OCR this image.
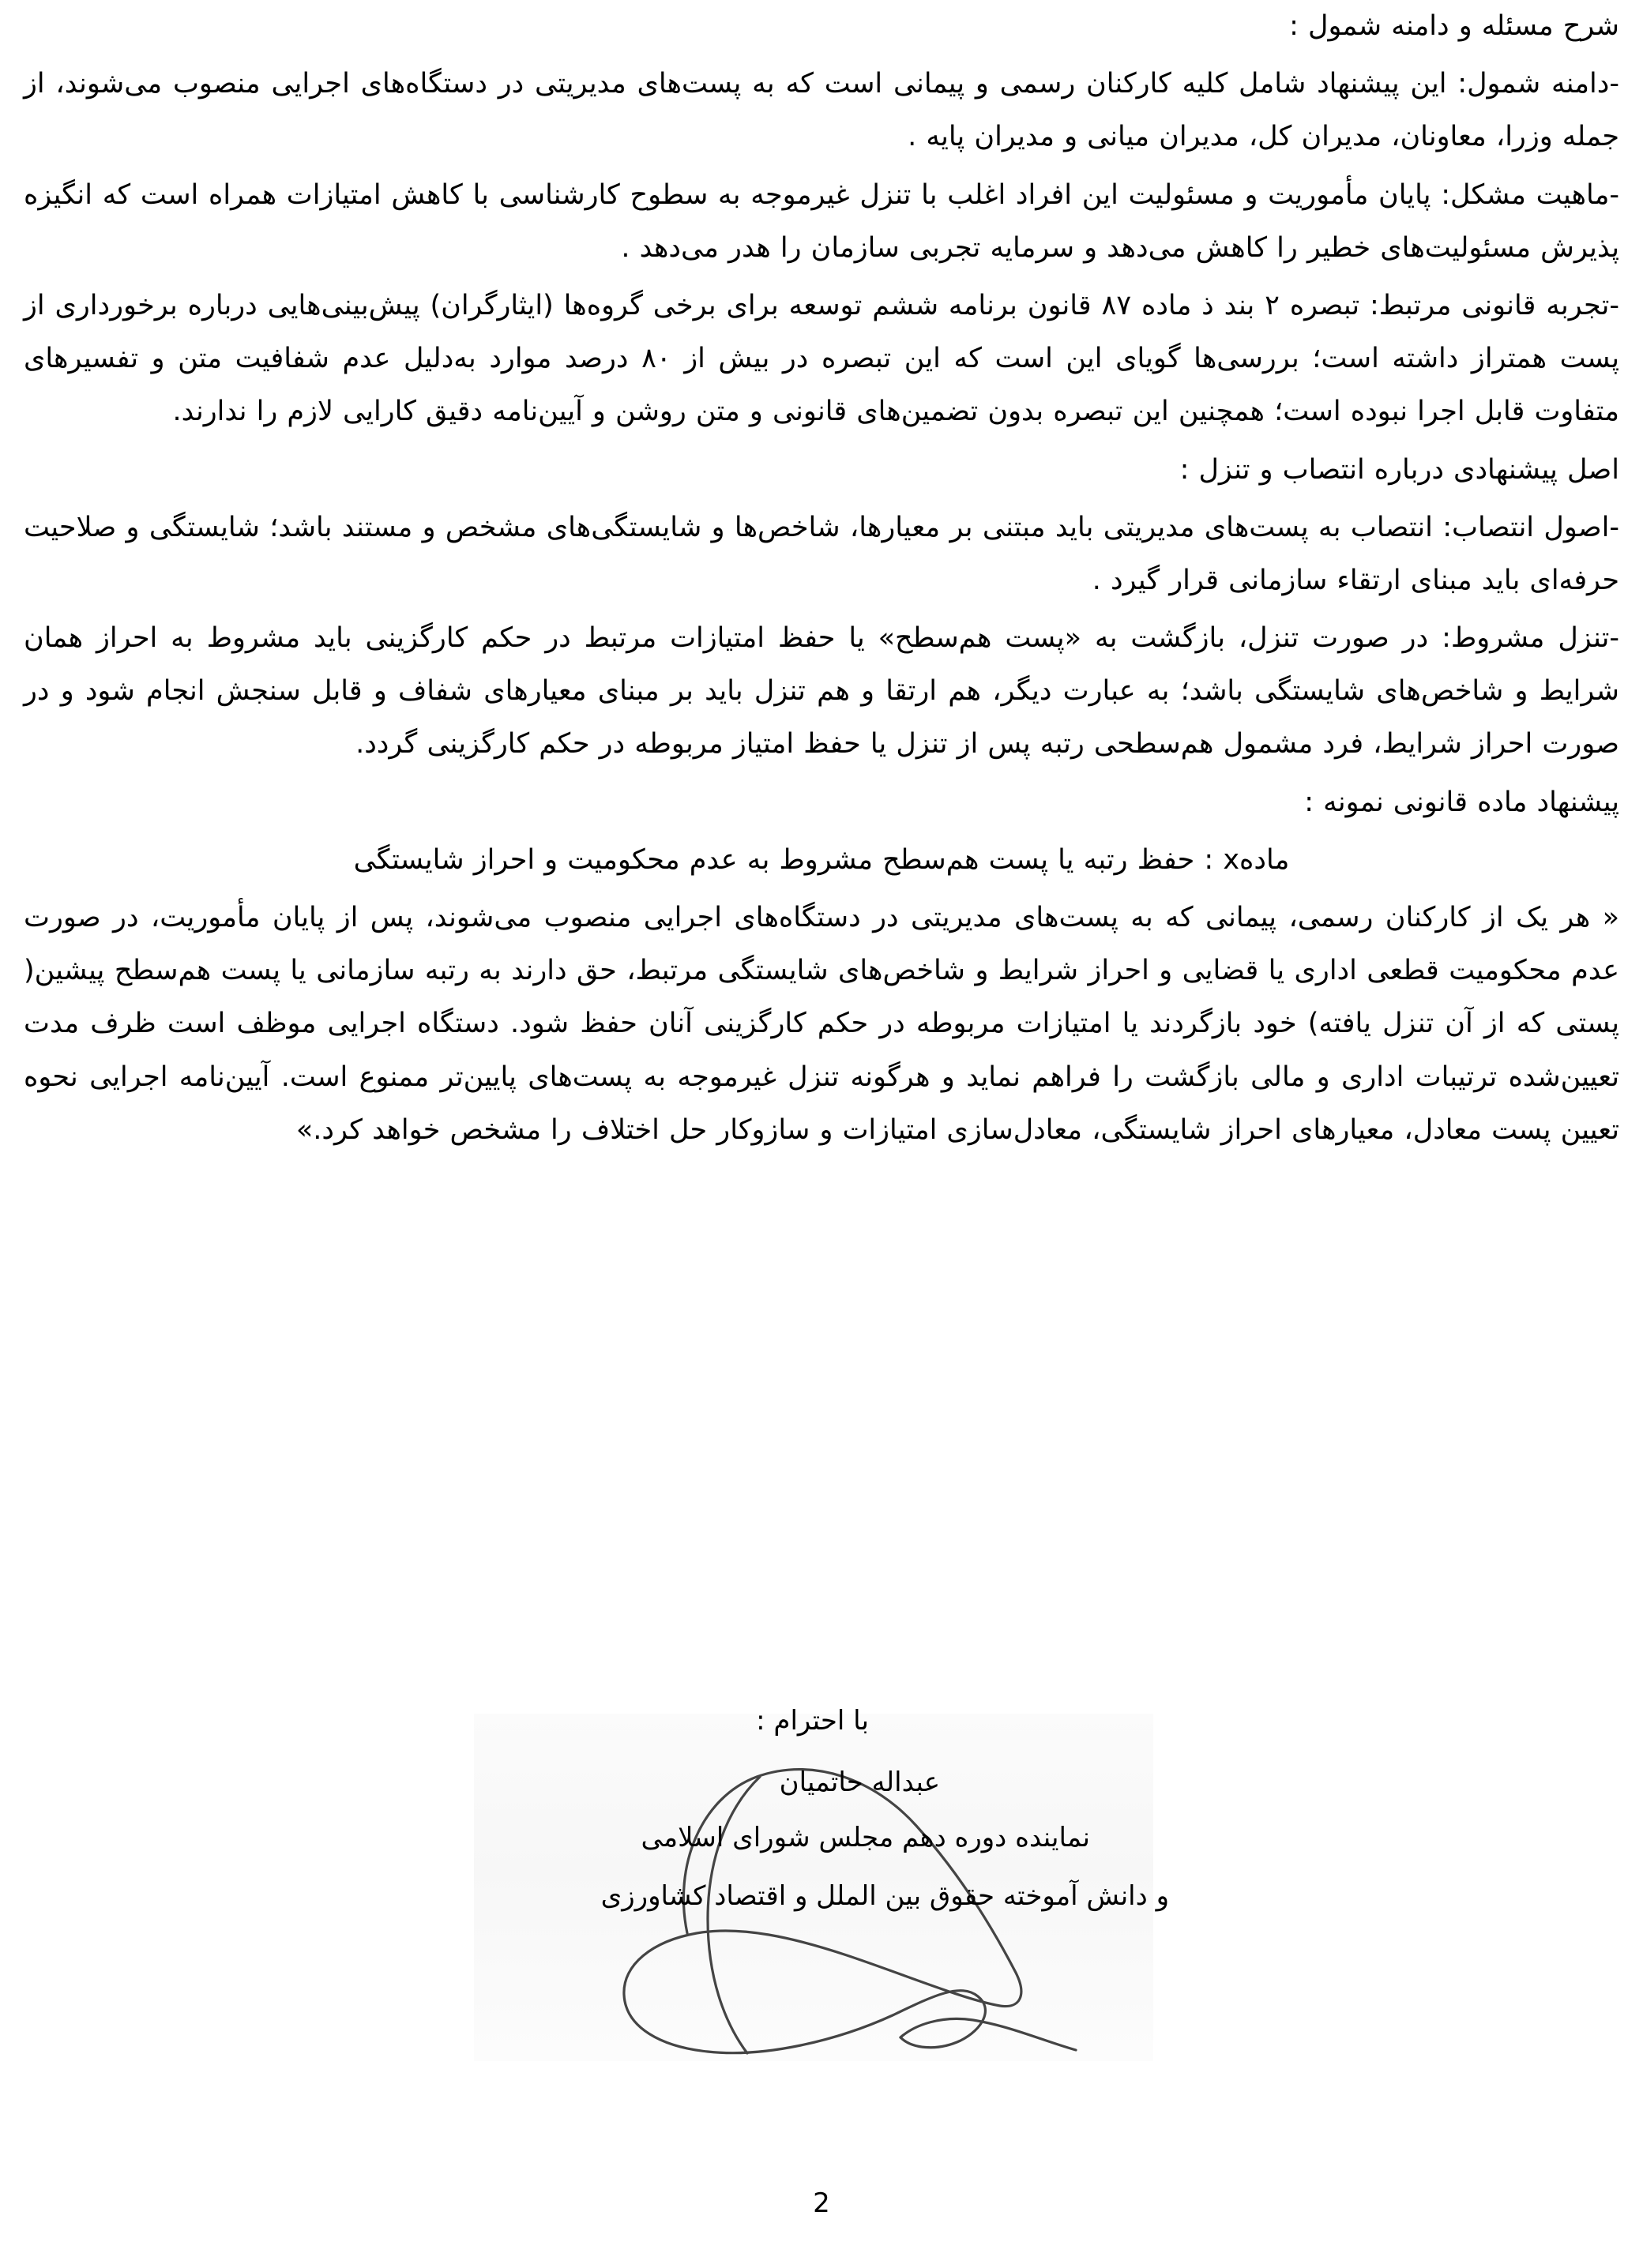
شرح مسئله و دامنه شمول :

-دامنه شمول: این پیشنهاد شامل کلیه کارکنان رسمی و پیمانی است که به پست‌های مدیریتی در دستگاه‌های اجرایی منصوب می‌شوند، از جمله وزرا، معاونان، مدیران کل، مدیران میانی و مدیران پایه .

-ماهیت مشکل: پایان مأموریت و مسئولیت این افراد اغلب با تنزل غیرموجه به سطوح کارشناسی با کاهش امتیازات همراه است که انگیزه پذیرش مسئولیت‌های خطیر را کاهش می‌دهد و سرمایه تجربی سازمان را هدر می‌دهد .

-تجربه قانونی مرتبط: تبصره ۲ بند ذ ماده ۸۷ قانون برنامه ششم توسعه برای برخی گروه‌ها (ایثارگران) پیش‌بینی‌هایی درباره برخورداری از پست همتراز داشته است؛ بررسی‌ها گویای این است که این تبصره در بیش از ۸۰ درصد موارد به‌دلیل عدم شفافیت متن و تفسیرهای متفاوت قابل اجرا نبوده است؛ همچنین این تبصره بدون تضمین‌های قانونی و متن روشن و آیین‌نامه دقیق کارایی لازم را ندارند.

اصل پیشنهادی درباره انتصاب و تنزل :

-اصول انتصاب: انتصاب به پست‌های مدیریتی باید مبتنی بر معیارها، شاخص‌ها و شایستگی‌های مشخص و مستند باشد؛ شایستگی و صلاحیت حرفه‌ای باید مبنای ارتقاء سازمانی قرار گیرد .

-تنزل مشروط: در صورت تنزل، بازگشت به «پست هم‌سطح» یا حفظ امتیازات مرتبط در حکم کارگزینی باید مشروط به احراز همان شرایط و شاخص‌های شایستگی باشد؛ به عبارت دیگر، هم ارتقا و هم تنزل باید بر مبنای معیارهای شفاف و قابل سنجش انجام شود و در صورت احراز شرایط، فرد مشمول هم‌سطحی رتبه پس از تنزل یا حفظ امتیاز مربوطه در حکم کارگزینی گردد.

پیشنهاد ماده قانونی نمونه :

ماده‌x : حفظ رتبه یا پست هم‌سطح مشروط به عدم محکومیت و احراز شایستگی

« هر یک از کارکنان رسمی، پیمانی که به پست‌های مدیریتی در دستگاه‌های اجرایی منصوب می‌شوند، پس از پایان مأموریت، در صورت عدم محکومیت قطعی اداری یا قضایی و احراز شرایط و شاخص‌های شایستگی مرتبط، حق دارند به رتبه سازمانی یا پست هم‌سطح پیشین( پستی که از آن تنزل یافته) خود بازگردند یا امتیازات مربوطه در حکم کارگزینی آنان حفظ شود. دستگاه اجرایی موظف است ظرف مدت تعیین‌شده ترتیبات اداری و مالی بازگشت را فراهم نماید و هرگونه تنزل غیرموجه به پست‌های پایین‌تر ممنوع است. آیین‌نامه اجرایی نحوه تعیین پست معادل، معیارهای احراز شایستگی، معادل‌سازی امتیازات و سازوکار حل اختلاف را مشخص خواهد کرد.»

با احترام :
عبداله حاتمیان
نماینده دوره دهم مجلس شورای اسلامی
و دانش آموخته حقوق بین الملل و اقتصاد کشاورزی
2
